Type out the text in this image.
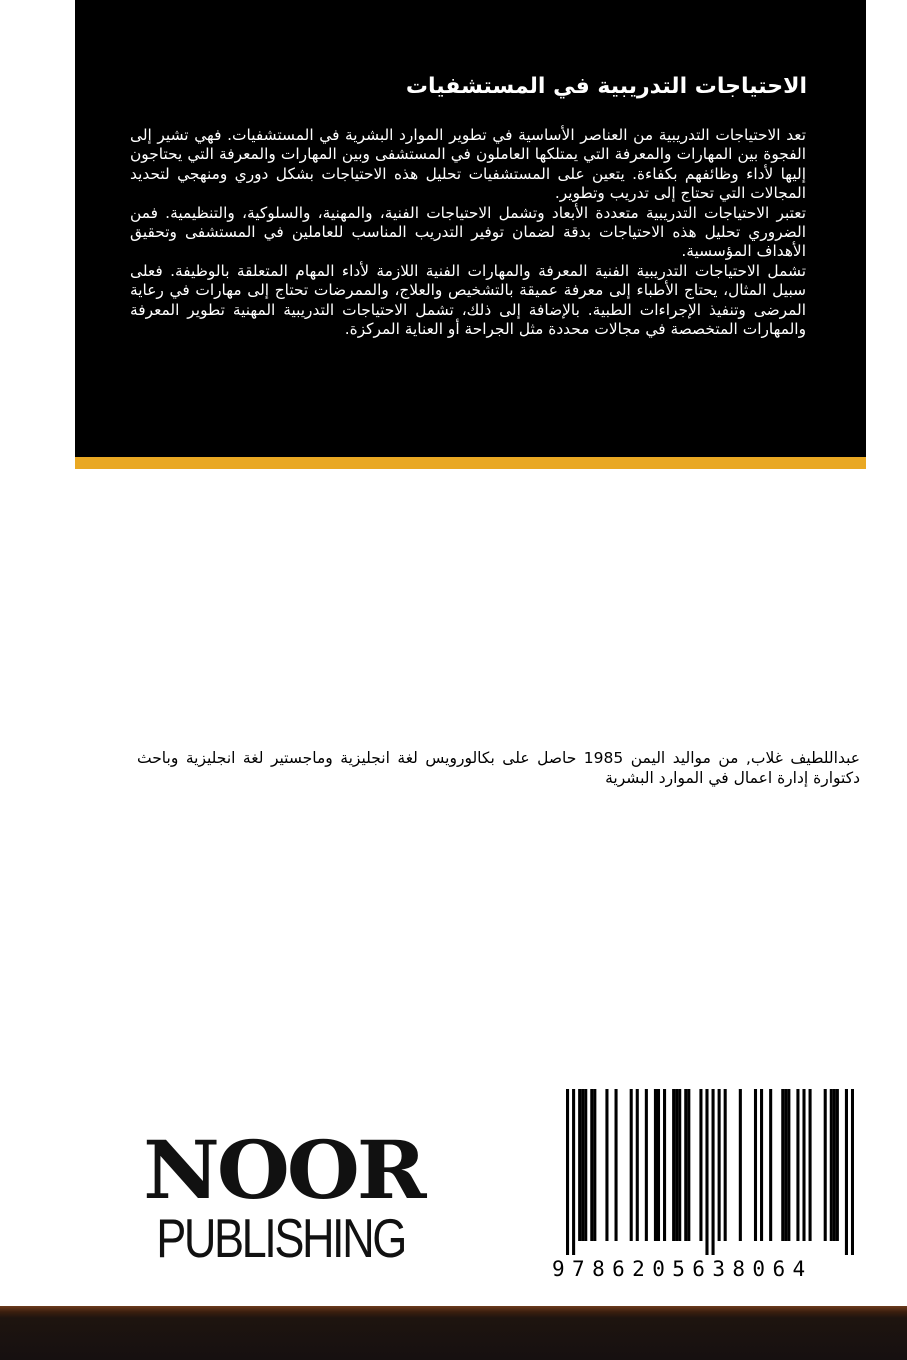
الاحتياجات التدريبية في المستشفيات

تعد الاحتياجات التدريبية من العناصر الأساسية في تطوير الموارد البشرية في المستشفيات. فهي تشير إلى الفجوة بين المهارات والمعرفة التي يمتلكها العاملون في المستشفى وبين المهارات والمعرفة التي يحتاجون إليها لأداء وظائفهم بكفاءة. يتعين على المستشفيات تحليل هذه الاحتياجات بشكل دوري ومنهجي لتحديد المجالات التي تحتاج إلى تدريب وتطوير.

تعتبر الاحتياجات التدريبية متعددة الأبعاد وتشمل الاحتياجات الفنية، والمهنية، والسلوكية، والتنظيمية. فمن الضروري تحليل هذه الاحتياجات بدقة لضمان توفير التدريب المناسب للعاملين في المستشفى وتحقيق الأهداف المؤسسية.

تشمل الاحتياجات التدريبية الفنية المعرفة والمهارات الفنية اللازمة لأداء المهام المتعلقة بالوظيفة. فعلى سبيل المثال، يحتاج الأطباء إلى معرفة عميقة بالتشخيص والعلاج، والممرضات تحتاج إلى مهارات في رعاية المرضى وتنفيذ الإجراءات الطبية. بالإضافة إلى ذلك، تشمل الاحتياجات التدريبية المهنية تطوير المعرفة والمهارات المتخصصة في مجالات محددة مثل الجراحة أو العناية المركزة.

عبداللطيف غلاب, من مواليد اليمن 1985 حاصل على بكالورويس لغة انجليزية وماجستير لغة انجليزية وباحث دكتوارة إدارة اعمال في الموارد البشرية

NOOR
PUBLISHING	9786205638064
